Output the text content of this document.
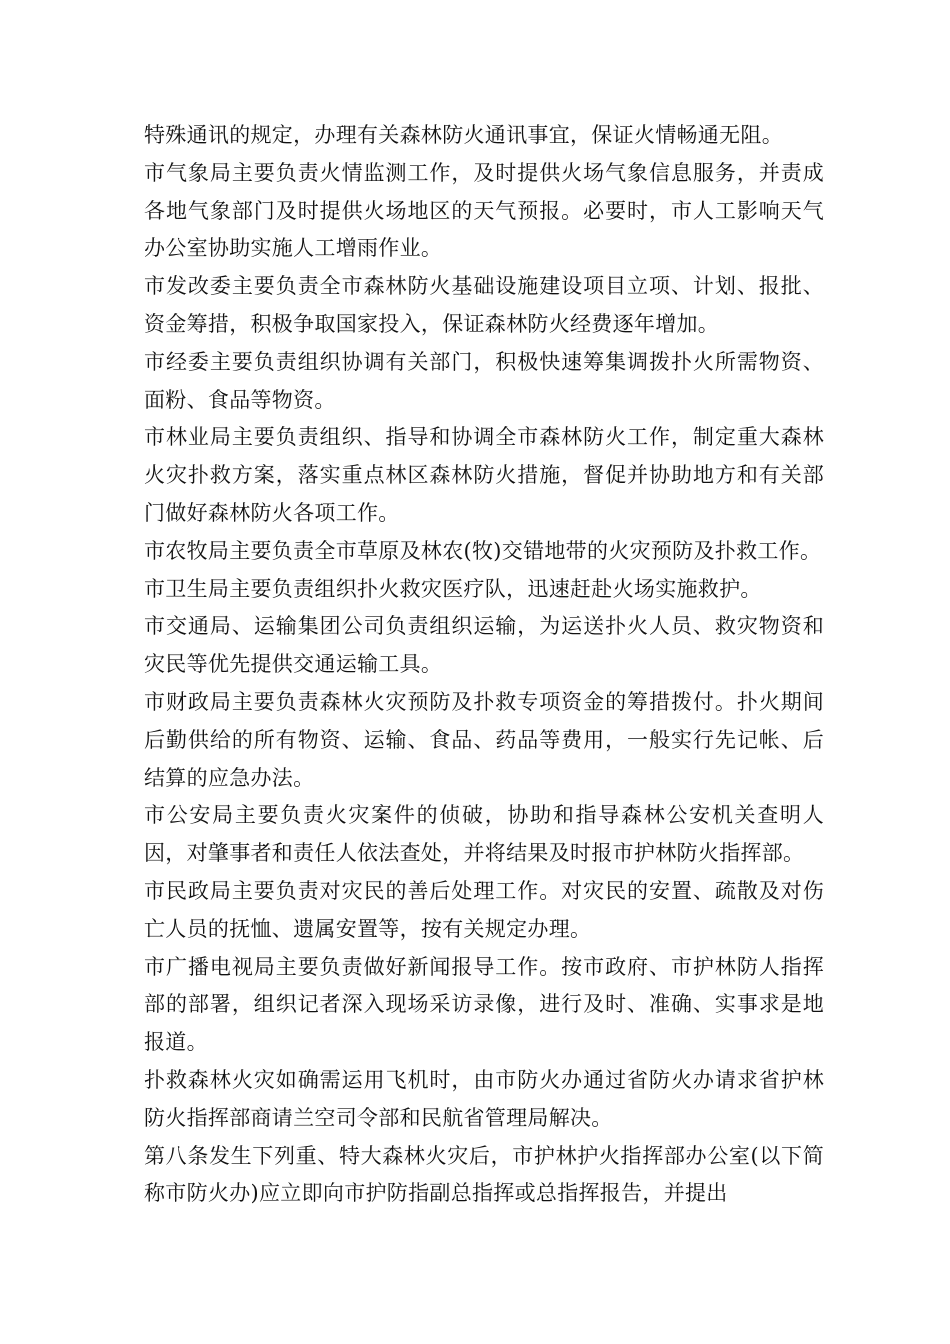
特殊通讯的规定，办理有关森林防火通讯事宜，保证火情畅通无阻。

市气象局主要负责火情监测工作，及时提供火场气象信息服务，并责成各地气象部门及时提供火场地区的天气预报。必要时，市人工影响天气办公室协助实施人工增雨作业。

市发改委主要负责全市森林防火基础设施建设项目立项、计划、报批、资金筹措，积极争取国家投入，保证森林防火经费逐年增加。

市经委主要负责组织协调有关部门，积极快速筹集调拨扑火所需物资、面粉、食品等物资。

市林业局主要负责组织、指导和协调全市森林防火工作，制定重大森林火灾扑救方案，落实重点林区森林防火措施，督促并协助地方和有关部门做好森林防火各项工作。

市农牧局主要负责全市草原及林农(牧)交错地带的火灾预防及扑救工作。

市卫生局主要负责组织扑火救灾医疗队，迅速赶赴火场实施救护。

市交通局、运输集团公司负责组织运输，为运送扑火人员、救灾物资和灾民等优先提供交通运输工具。

市财政局主要负责森林火灾预防及扑救专项资金的筹措拨付。扑火期间后勤供给的所有物资、运输、食品、药品等费用，一般实行先记帐、后结算的应急办法。

市公安局主要负责火灾案件的侦破，协助和指导森林公安机关查明人因，对肇事者和责任人依法查处，并将结果及时报市护林防火指挥部。

市民政局主要负责对灾民的善后处理工作。对灾民的安置、疏散及对伤亡人员的抚恤、遗属安置等，按有关规定办理。

市广播电视局主要负责做好新闻报导工作。按市政府、市护林防人指挥部的部署，组织记者深入现场采访录像，进行及时、准确、实事求是地报道。

扑救森林火灾如确需运用飞机时，由市防火办通过省防火办请求省护林防火指挥部商请兰空司令部和民航省管理局解决。

第八条发生下列重、特大森林火灾后，市护林护火指挥部办公室(以下简称市防火办)应立即向市护防指副总指挥或总指挥报告，并提出
